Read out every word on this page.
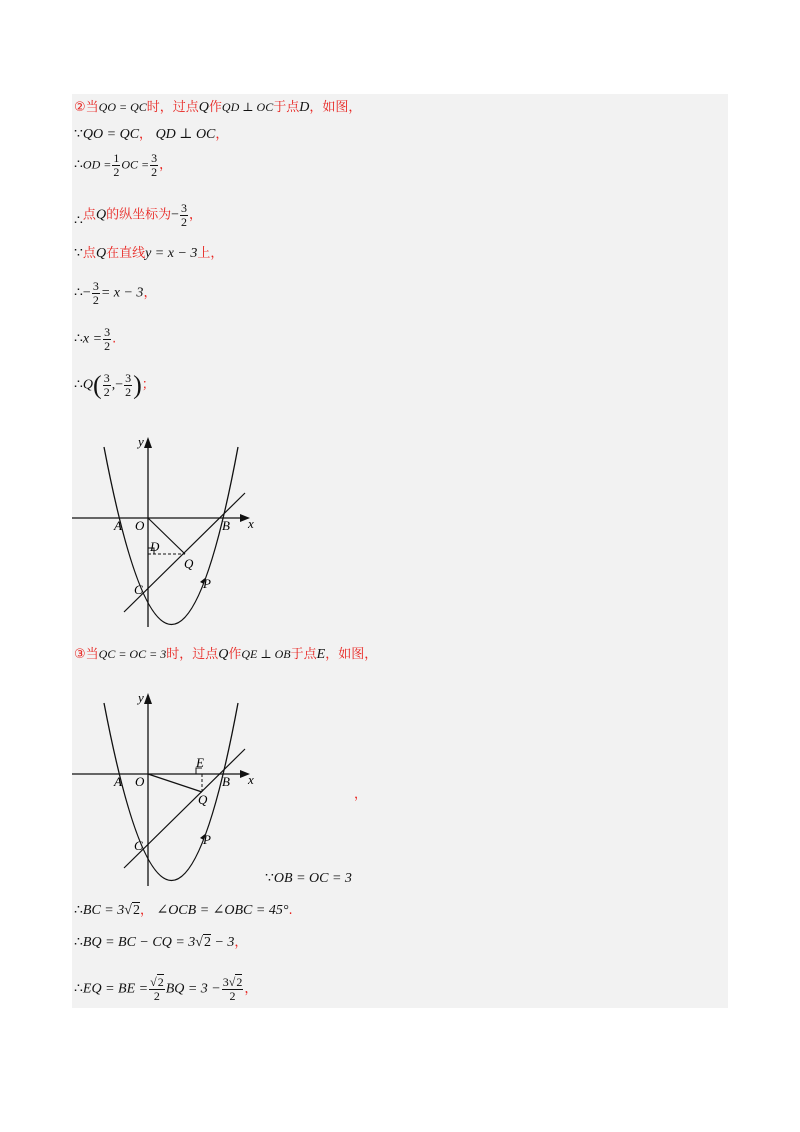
②当QO = QC时，过点Q作QD ⊥ OC于点D，如图，
∵QO = QC， QD ⊥ OC，
∴OD = $\frac{1}{2}$ OC = $\frac{3}{2}$ ，
∴点Q的纵坐标为− $\frac{3}{2}$ ，
∵点Q在直线y = x − 3上，
∴− $\frac{3}{2} = x - 3$，
∴x = $\frac{3}{2}$ .
∴Q( $\frac{3}{2}$ ,− $\frac{3}{2}$ )；
y
x
A O	B
D
Q
C	P
③当QC = OC = 3时，过点Q作QE ⊥ OB于点E，如图，
y
x
A O
E
B
Q
C	P
，
∵OB = OC = 3
∴BC = 3√2， ∠OCB = ∠OBC = 45°.
∴BQ = BC − CQ = 3√2 − 3，
∴EQ = BE = $\frac{√2}{2}$ BQ = $3 - \frac{3√2}{2}$ ，
